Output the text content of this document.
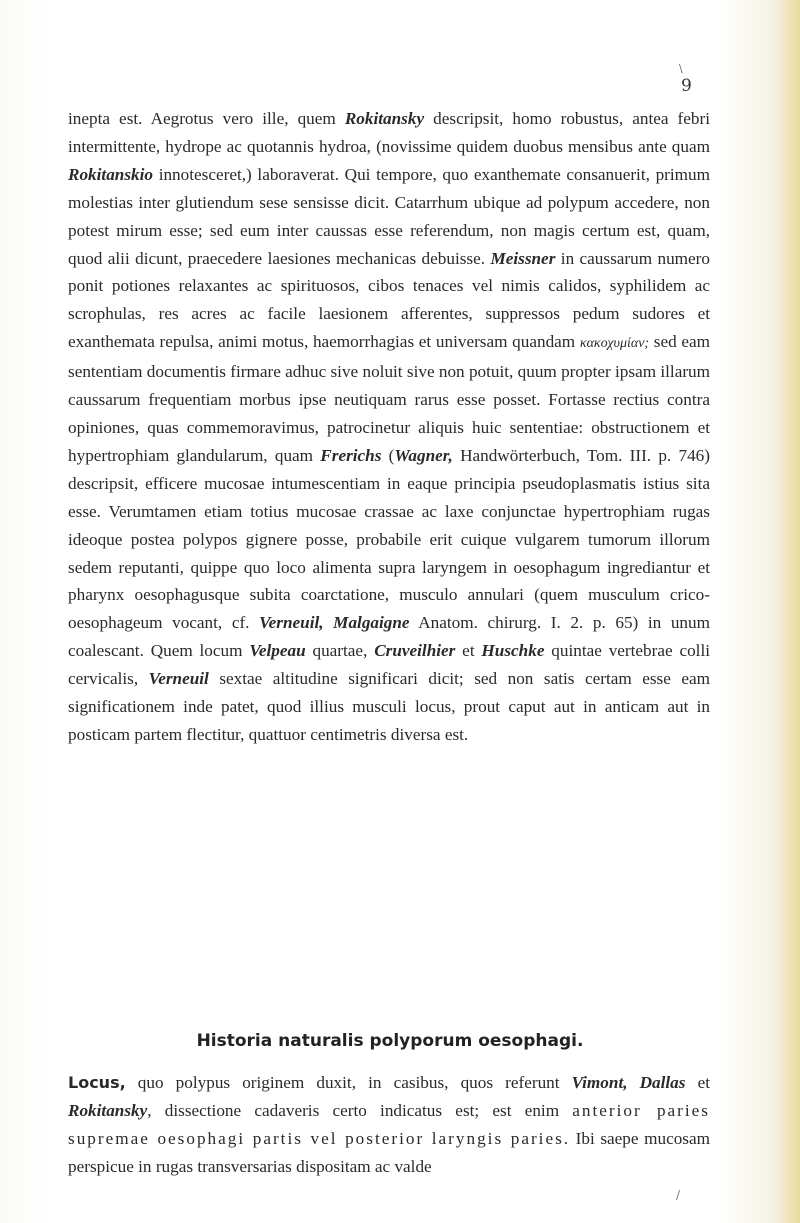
\
9

inepta est. Aegrotus vero ille, quem Rokitansky descripsit, homo robustus, antea febri intermittente, hydrope ac quotannis hydroa, (novissime quidem duobus mensibus ante quam Rokitanskio innotesceret,) laboraverat. Qui tempore, quo exanthemate consanuerit, primum molestias inter glutiendum sese sensisse dicit. Catarrhum ubique ad polypum accedere, non potest mirum esse; sed eum inter caussas esse referendum, non magis certum est, quam, quod alii dicunt, praecedere laesiones mechanicas debuisse. Meissner in caussarum numero ponit potiones relaxantes ac spirituosos, cibos tenaces vel nimis calidos, syphilidem ac scrophulas, res acres ac facile laesionem afferentes, suppressos pedum sudores et exanthemata repulsa, animi motus, haemorrhagias et universam quandam κακοχυμίαν; sed eam sententiam documentis firmare adhuc sive noluit sive non potuit, quum propter ipsam illarum caussarum frequentiam morbus ipse neutiquam rarus esse posset. Fortasse rectius contra opiniones, quas commemoravimus, patrocinetur aliquis huic sententiae: obstructionem et hypertrophiam glandularum, quam Frerichs (Wagner, Handwörterbuch, Tom. III. p. 746) descripsit, efficere mucosae intumescentiam in eaque principia pseudoplasmatis istius sita esse. Verumtamen etiam totius mucosae crassae ac laxe conjunctae hypertrophiam rugas ideoque postea polypos gignere posse, probabile erit cuique vulgarem tumorum illorum sedem reputanti, quippe quo loco alimenta supra laryngem in oesophagum ingrediantur et pharynx oesophagusque subita coarctatione, musculo annulari (quem musculum crico-oesophageum vocant, cf. Verneuil, Malgaigne Anatom. chirurg. I. 2. p. 65) in unum coalescant. Quem locum Velpeau quartae, Cruveilhier et Huschke quintae vertebrae colli cervicalis, Verneuil sextae altitudine significari dicit; sed non satis certam esse eam significationem inde patet, quod illius musculi locus, prout caput aut in anticam aut in posticam partem flectitur, quattuor centimetris diversa est.

Historia naturalis polyporum oesophagi.

Locus, quo polypus originem duxit, in casibus, quos referunt Vimont, Dallas et Rokitansky, dissectione cadaveris certo indicatus est; est enim anterior paries supremae oesophagi partis vel posterior laryngis paries. Ibi saepe mucosam perspicue in rugas transversarias dispositam ac valde

/
